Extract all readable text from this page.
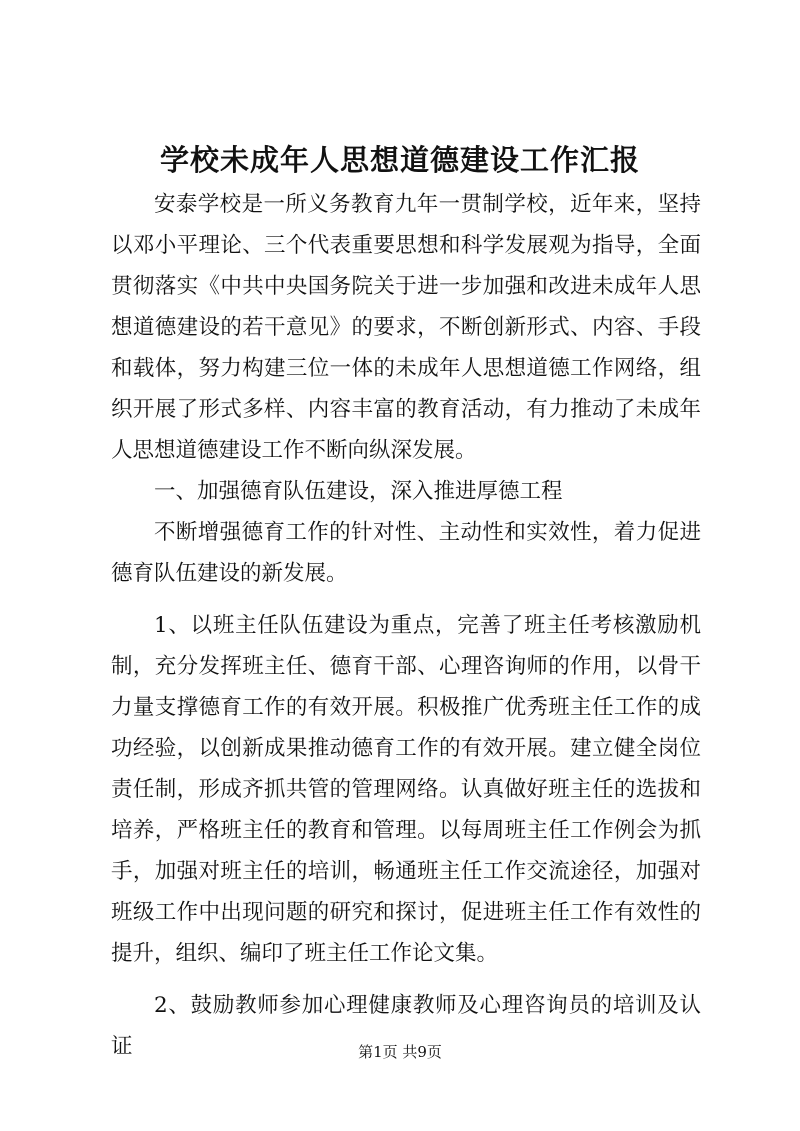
学校未成年人思想道德建设工作汇报

安泰学校是一所义务教育九年一贯制学校，近年来，坚持以邓小平理论、三个代表重要思想和科学发展观为指导，全面贯彻落实《中共中央国务院关于进一步加强和改进未成年人思想道德建设的若干意见》的要求，不断创新形式、内容、手段和载体，努力构建三位一体的未成年人思想道德工作网络，组织开展了形式多样、内容丰富的教育活动，有力推动了未成年人思想道德建设工作不断向纵深发展。

一、加强德育队伍建设，深入推进厚德工程

不断增强德育工作的针对性、主动性和实效性，着力促进德育队伍建设的新发展。

1、以班主任队伍建设为重点，完善了班主任考核激励机制，充分发挥班主任、德育干部、心理咨询师的作用，以骨干力量支撑德育工作的有效开展。积极推广优秀班主任工作的成功经验，以创新成果推动德育工作的有效开展。建立健全岗位责任制，形成齐抓共管的管理网络。认真做好班主任的选拔和培养，严格班主任的教育和管理。以每周班主任工作例会为抓手，加强对班主任的培训，畅通班主任工作交流途径，加强对班级工作中出现问题的研究和探讨，促进班主任工作有效性的提升，组织、编印了班主任工作论文集。

2、鼓励教师参加心理健康教师及心理咨询员的培训及认证	第1页 共9页
